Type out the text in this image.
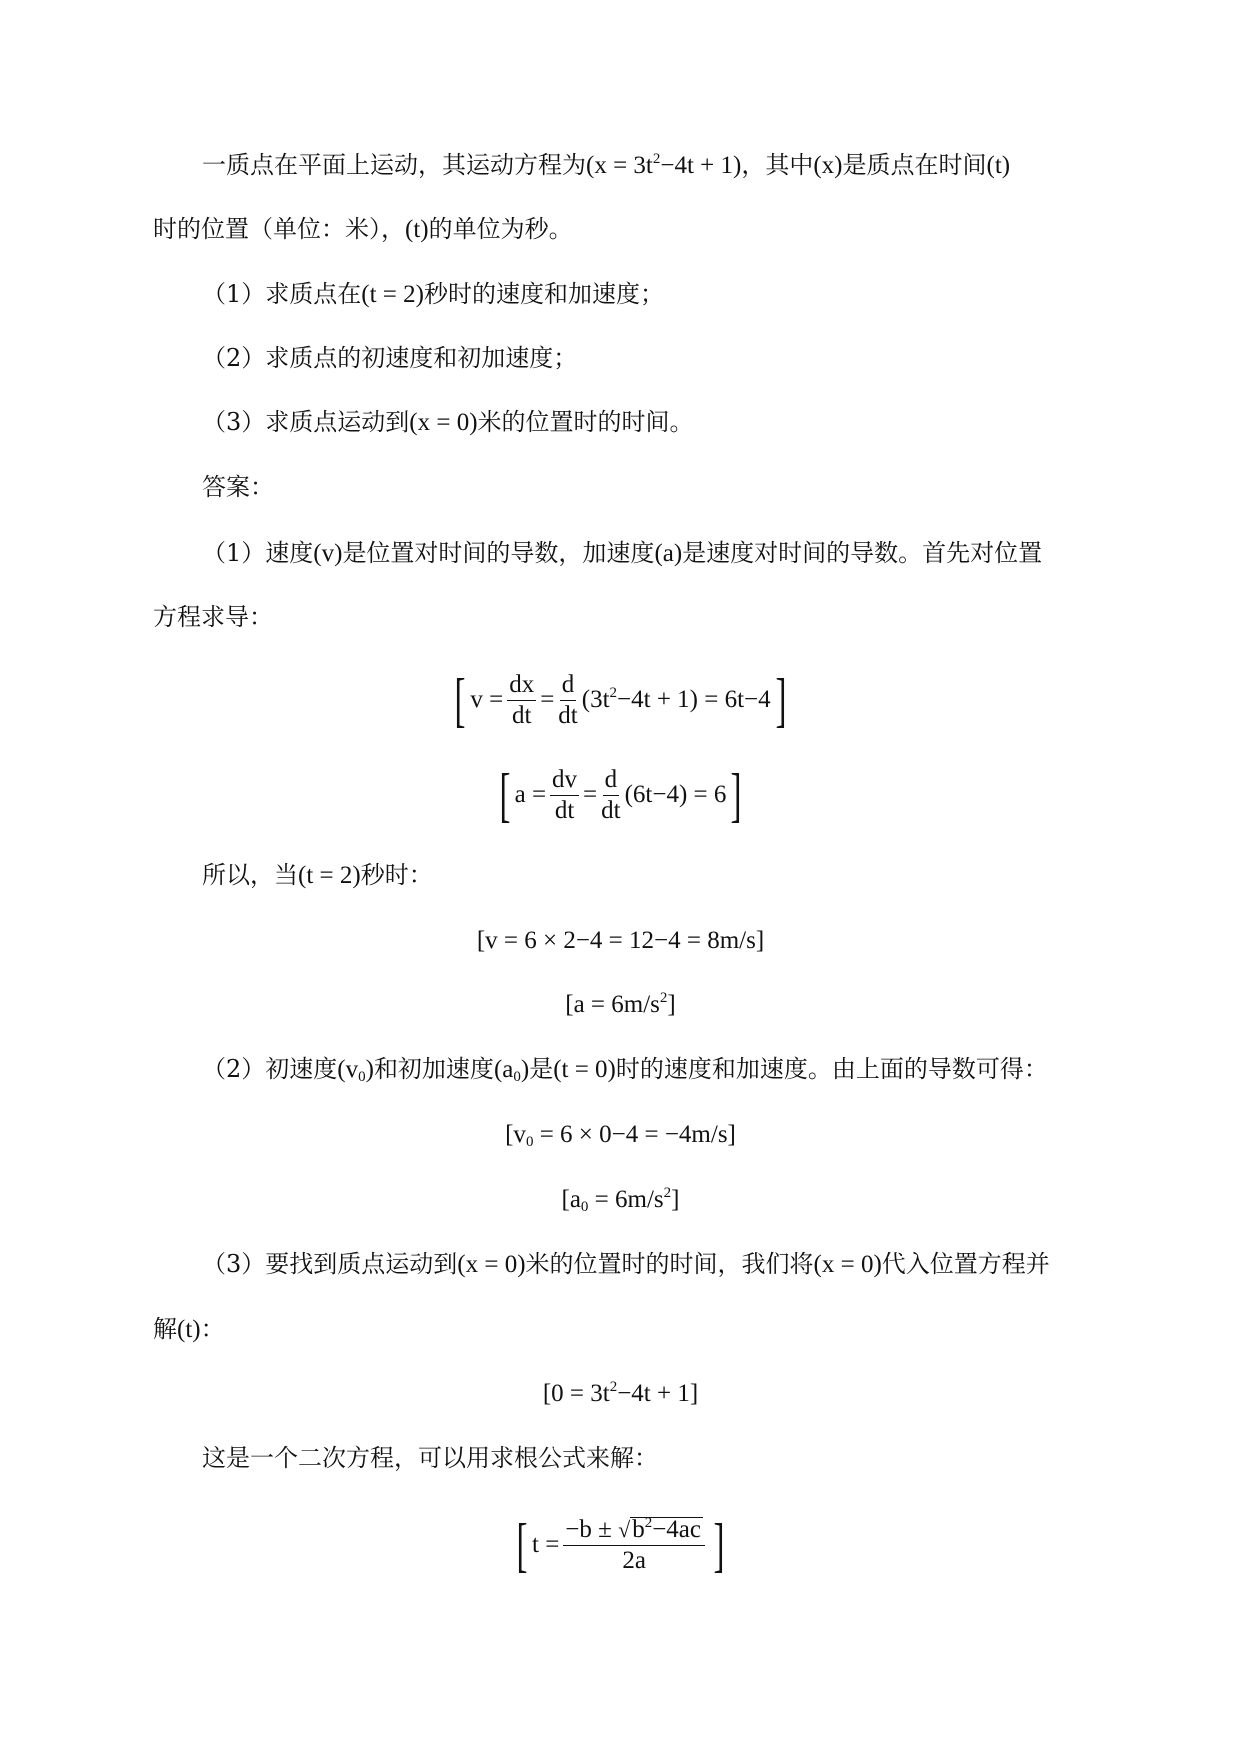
一质点在平面上运动，其运动方程为$(x = 3t^2-4t + 1)$，其中(x)是质点在时间(t)
时的位置（单位：米），(t)的单位为秒。
（1）求质点在(t = 2)秒时的速度和加速度；
（2）求质点的初速度和初加速度；
（3）求质点运动到(x = 0)米的位置时的时间。
答案：
（1）速度(v)是位置对时间的导数，加速度(a)是速度对时间的导数。首先对位置
方程求导：
[ $v = \frac{dx}{dt} = \frac{d}{dt} (3t^2-4t + 1) = 6t-4$ ]
[ $a = \frac{dv}{dt} = \frac{d}{dt} (6t-4) = 6$ ]
所以，当(t = 2)秒时：
[v = 6 × 2−4 = 12−4 = 8m/s]
$[a = 6m/s^2]$
（2）初速度$(v_0)$和初加速度$(a_0)$是(t = 0)时的速度和加速度。由上面的导数可得：
$[v_0 = 6 \times 0-4 = -4m/s]$
$[a_0 = 6m/s^2]$
（3）要找到质点运动到(x = 0)米的位置时的时间，我们将(x = 0)代入位置方程并
解(t)：
$[0 = 3t^2-4t + 1]$
这是一个二次方程，可以用求根公式来解：
[ $t = \frac{-b \pm √ b^2-4ac}{2a}$ ]
